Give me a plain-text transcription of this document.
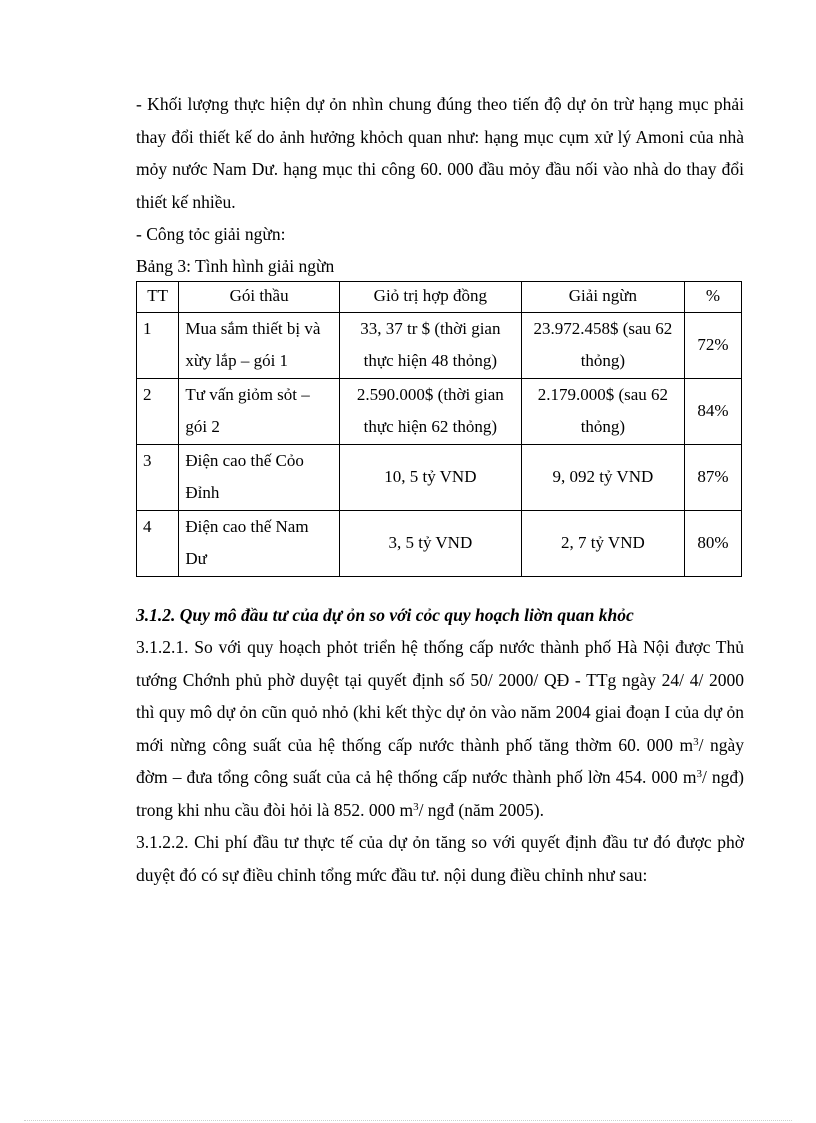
- Khối lượng thực hiện dự ỏn nhìn chung đúng theo tiến độ dự ỏn trừ hạng mục phải thay đổi thiết kế do ảnh hưởng khỏch quan như: hạng mục cụm xử lý Amoni của nhà mỏy nước Nam Dư. hạng mục thi công 60. 000 đầu mỏy đầu nối vào nhà do thay đổi thiết kế nhiều.

- Công tỏc giải ngừn:

Bảng 3: Tình hình giải ngừn

TT	Gói thầu	Giỏ trị hợp đồng	Giải ngừn	%
1	Mua sắm thiết bị và xừy lắp – gói 1	33, 37 tr $ (thời gian thực hiện 48 thỏng)	23.972.458$ (sau 62 thỏng)	72%
2	Tư vấn giỏm sỏt – gói 2	2.590.000$ (thời gian thực hiện 62 thỏng)	2.179.000$ (sau 62 thỏng)	84%
3	Điện cao thế Cỏo Đỉnh	10, 5 tỷ VND	9, 092 tỷ VND	87%
4	Điện cao thế Nam Dư	3, 5 tỷ VND	2, 7 tỷ VND	80%

3.1.2. Quy mô đầu tư của dự ỏn so với cỏc quy hoạch liờn quan khỏc

3.1.2.1. So với quy hoạch phỏt triển hệ thống cấp nước thành phố Hà Nội được Thủ tướng Chớnh phủ phờ duyệt tại quyết định số 50/ 2000/ QĐ - TTg ngày 24/ 4/ 2000 thì quy mô dự ỏn cũn quỏ nhỏ (khi kết thỳc dự ỏn vào năm 2004 giai đoạn I của dự ỏn mới nừng công suất của hệ thống cấp nước thành phố tăng thờm 60. 000 $m^3/$ ngày đờm – đưa tổng công suất của cả hệ thống cấp nước thành phố lờn 454. 000 $m^3/$ ngđ) trong khi nhu cầu đòi hỏi là 852. 000 $m^3/$ ngđ (năm 2005).

3.1.2.2. Chi phí đầu tư thực tế của dự ỏn tăng so với quyết định đầu tư đó được phờ duyệt đó có sự điều chỉnh tổng mức đầu tư. nội dung điều chỉnh như sau:
